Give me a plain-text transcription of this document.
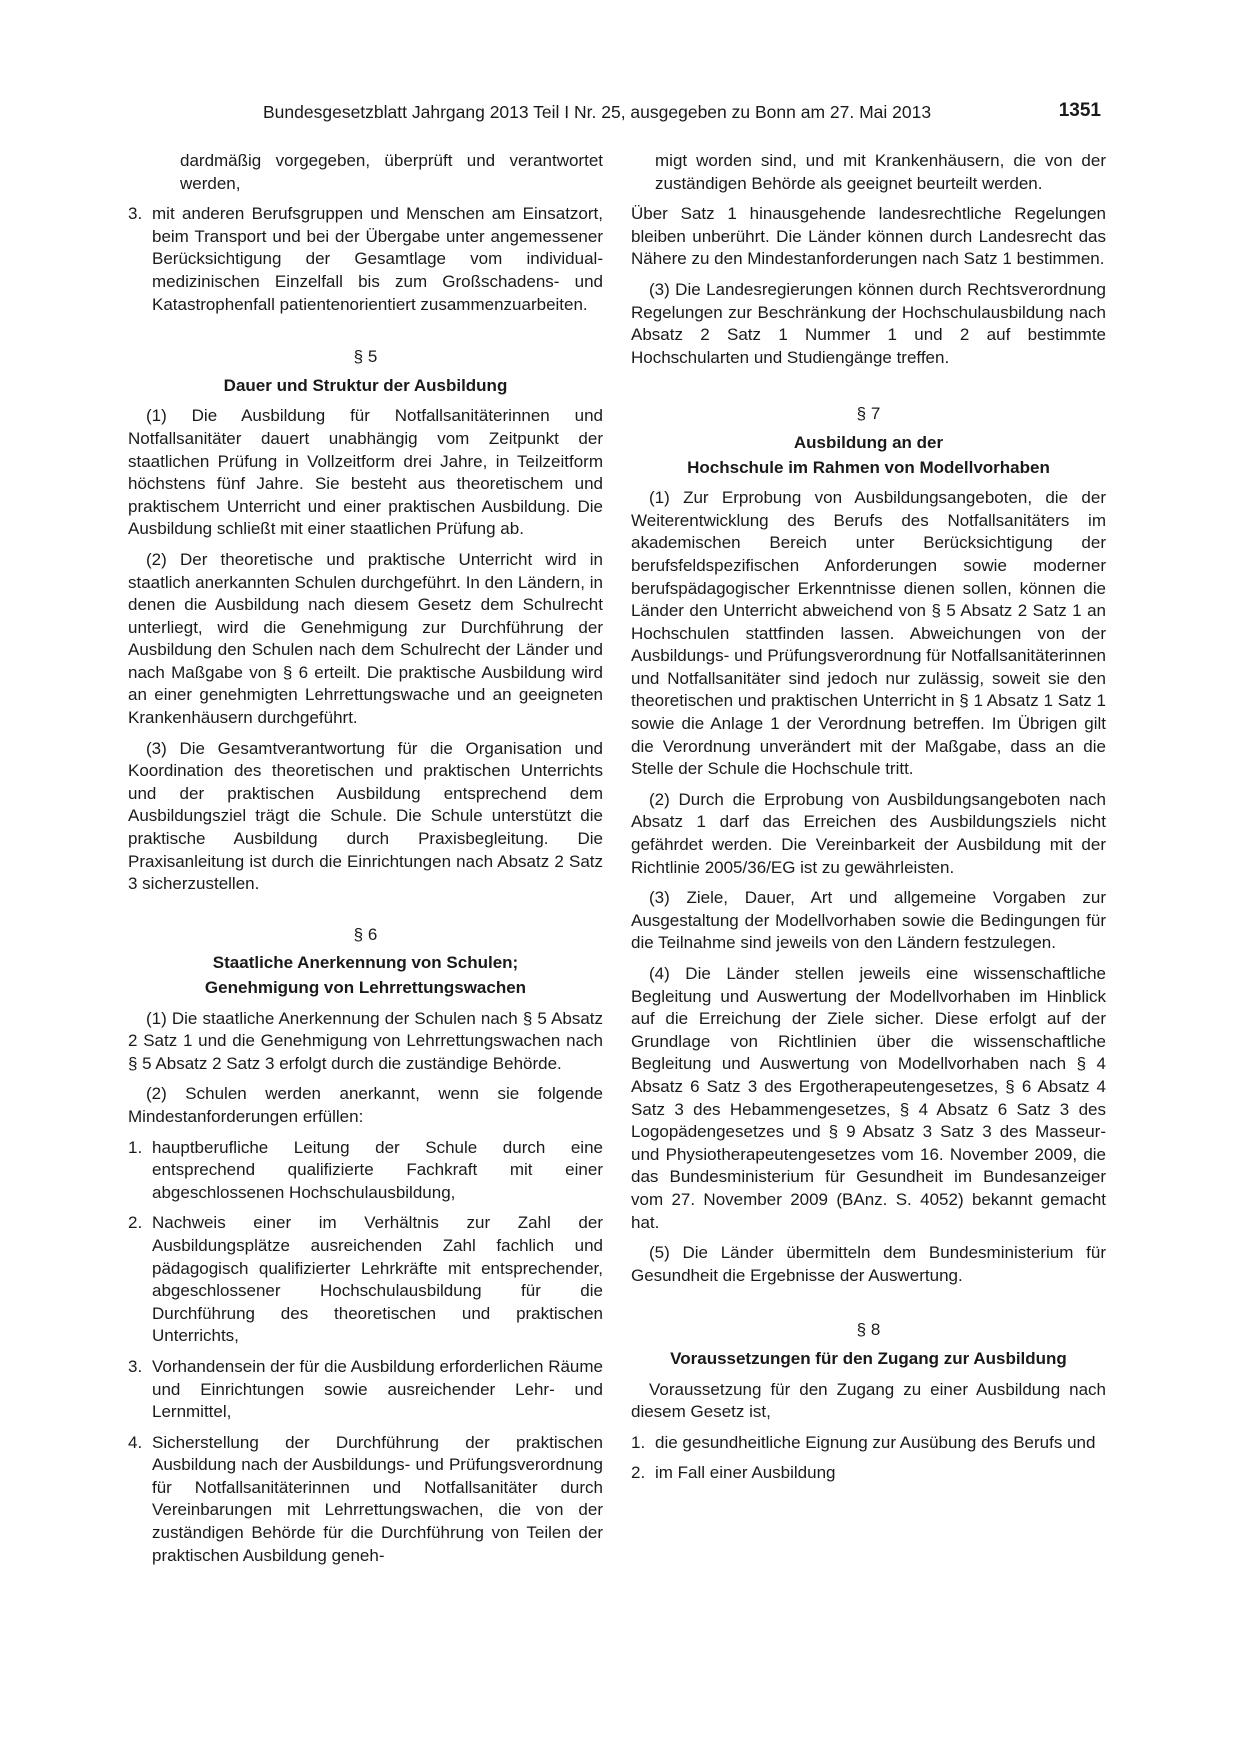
Bundesgesetzblatt Jahrgang 2013 Teil I Nr. 25, ausgegeben zu Bonn am 27. Mai 2013	1351
dardmäßig vorgegeben, überprüft und verantwortet werden,
3. mit anderen Berufsgruppen und Menschen am Einsatzort, beim Transport und bei der Übergabe unter angemessener Berücksichtigung der Gesamtlage vom individual-medizinischen Einzelfall bis zum Großschadens- und Katastrophenfall patientenorientiert zusammenzuarbeiten.
§ 5
Dauer und Struktur der Ausbildung

(1) Die Ausbildung für Notfallsanitäterinnen und Notfallsanitäter dauert unabhängig vom Zeitpunkt der staatlichen Prüfung in Vollzeitform drei Jahre, in Teilzeitform höchstens fünf Jahre. Sie besteht aus theoretischem und praktischem Unterricht und einer praktischen Ausbildung. Die Ausbildung schließt mit einer staatlichen Prüfung ab.

(2) Der theoretische und praktische Unterricht wird in staatlich anerkannten Schulen durchgeführt. In den Ländern, in denen die Ausbildung nach diesem Gesetz dem Schulrecht unterliegt, wird die Genehmigung zur Durchführung der Ausbildung den Schulen nach dem Schulrecht der Länder und nach Maßgabe von § 6 erteilt. Die praktische Ausbildung wird an einer genehmigten Lehrrettungswache und an geeigneten Krankenhäusern durchgeführt.

(3) Die Gesamtverantwortung für die Organisation und Koordination des theoretischen und praktischen Unterrichts und der praktischen Ausbildung entsprechend dem Ausbildungsziel trägt die Schule. Die Schule unterstützt die praktische Ausbildung durch Praxisbegleitung. Die Praxisanleitung ist durch die Einrichtungen nach Absatz 2 Satz 3 sicherzustellen.

§ 6
Staatliche Anerkennung von Schulen;
Genehmigung von Lehrrettungswachen

(1) Die staatliche Anerkennung der Schulen nach § 5 Absatz 2 Satz 1 und die Genehmigung von Lehrrettungswachen nach § 5 Absatz 2 Satz 3 erfolgt durch die zuständige Behörde.

(2) Schulen werden anerkannt, wenn sie folgende Mindestanforderungen erfüllen:

1. hauptberufliche Leitung der Schule durch eine entsprechend qualifizierte Fachkraft mit einer abgeschlossenen Hochschulausbildung,
2. Nachweis einer im Verhältnis zur Zahl der Ausbildungsplätze ausreichenden Zahl fachlich und pädagogisch qualifizierter Lehrkräfte mit entsprechender, abgeschlossener Hochschulausbildung für die Durchführung des theoretischen und praktischen Unterrichts,
3. Vorhandensein der für die Ausbildung erforderlichen Räume und Einrichtungen sowie ausreichender Lehr- und Lernmittel,
4. Sicherstellung der Durchführung der praktischen Ausbildung nach der Ausbildungs- und Prüfungsverordnung für Notfallsanitäterinnen und Notfallsanitäter durch Vereinbarungen mit Lehrrettungswachen, die von der zuständigen Behörde für die Durchführung von Teilen der praktischen Ausbildung geneh-
migt worden sind, und mit Krankenhäusern, die von der zuständigen Behörde als geeignet beurteilt werden.

Über Satz 1 hinausgehende landesrechtliche Regelungen bleiben unberührt. Die Länder können durch Landesrecht das Nähere zu den Mindestanforderungen nach Satz 1 bestimmen.

(3) Die Landesregierungen können durch Rechtsverordnung Regelungen zur Beschränkung der Hochschulausbildung nach Absatz 2 Satz 1 Nummer 1 und 2 auf bestimmte Hochschularten und Studiengänge treffen.

§ 7
Ausbildung an der
Hochschule im Rahmen von Modellvorhaben

(1) Zur Erprobung von Ausbildungsangeboten, die der Weiterentwicklung des Berufs des Notfallsanitäters im akademischen Bereich unter Berücksichtigung der berufsfeldspezifischen Anforderungen sowie moderner berufspädagogischer Erkenntnisse dienen sollen, können die Länder den Unterricht abweichend von § 5 Absatz 2 Satz 1 an Hochschulen stattfinden lassen. Abweichungen von der Ausbildungs- und Prüfungsverordnung für Notfallsanitäterinnen und Notfallsanitäter sind jedoch nur zulässig, soweit sie den theoretischen und praktischen Unterricht in § 1 Absatz 1 Satz 1 sowie die Anlage 1 der Verordnung betreffen. Im Übrigen gilt die Verordnung unverändert mit der Maßgabe, dass an die Stelle der Schule die Hochschule tritt.

(2) Durch die Erprobung von Ausbildungsangeboten nach Absatz 1 darf das Erreichen des Ausbildungsziels nicht gefährdet werden. Die Vereinbarkeit der Ausbildung mit der Richtlinie 2005/36/EG ist zu gewährleisten.

(3) Ziele, Dauer, Art und allgemeine Vorgaben zur Ausgestaltung der Modellvorhaben sowie die Bedingungen für die Teilnahme sind jeweils von den Ländern festzulegen.

(4) Die Länder stellen jeweils eine wissenschaftliche Begleitung und Auswertung der Modellvorhaben im Hinblick auf die Erreichung der Ziele sicher. Diese erfolgt auf der Grundlage von Richtlinien über die wissenschaftliche Begleitung und Auswertung von Modellvorhaben nach § 4 Absatz 6 Satz 3 des Ergotherapeutengesetzes, § 6 Absatz 4 Satz 3 des Hebammengesetzes, § 4 Absatz 6 Satz 3 des Logopädengesetzes und § 9 Absatz 3 Satz 3 des Masseur- und Physiotherapeutengesetzes vom 16. November 2009, die das Bundesministerium für Gesundheit im Bundesanzeiger vom 27. November 2009 (BAnz. S. 4052) bekannt gemacht hat.

(5) Die Länder übermitteln dem Bundesministerium für Gesundheit die Ergebnisse der Auswertung.

§ 8
Voraussetzungen für den Zugang zur Ausbildung

Voraussetzung für den Zugang zu einer Ausbildung nach diesem Gesetz ist,

1. die gesundheitliche Eignung zur Ausübung des Berufs und
2. im Fall einer Ausbildung
